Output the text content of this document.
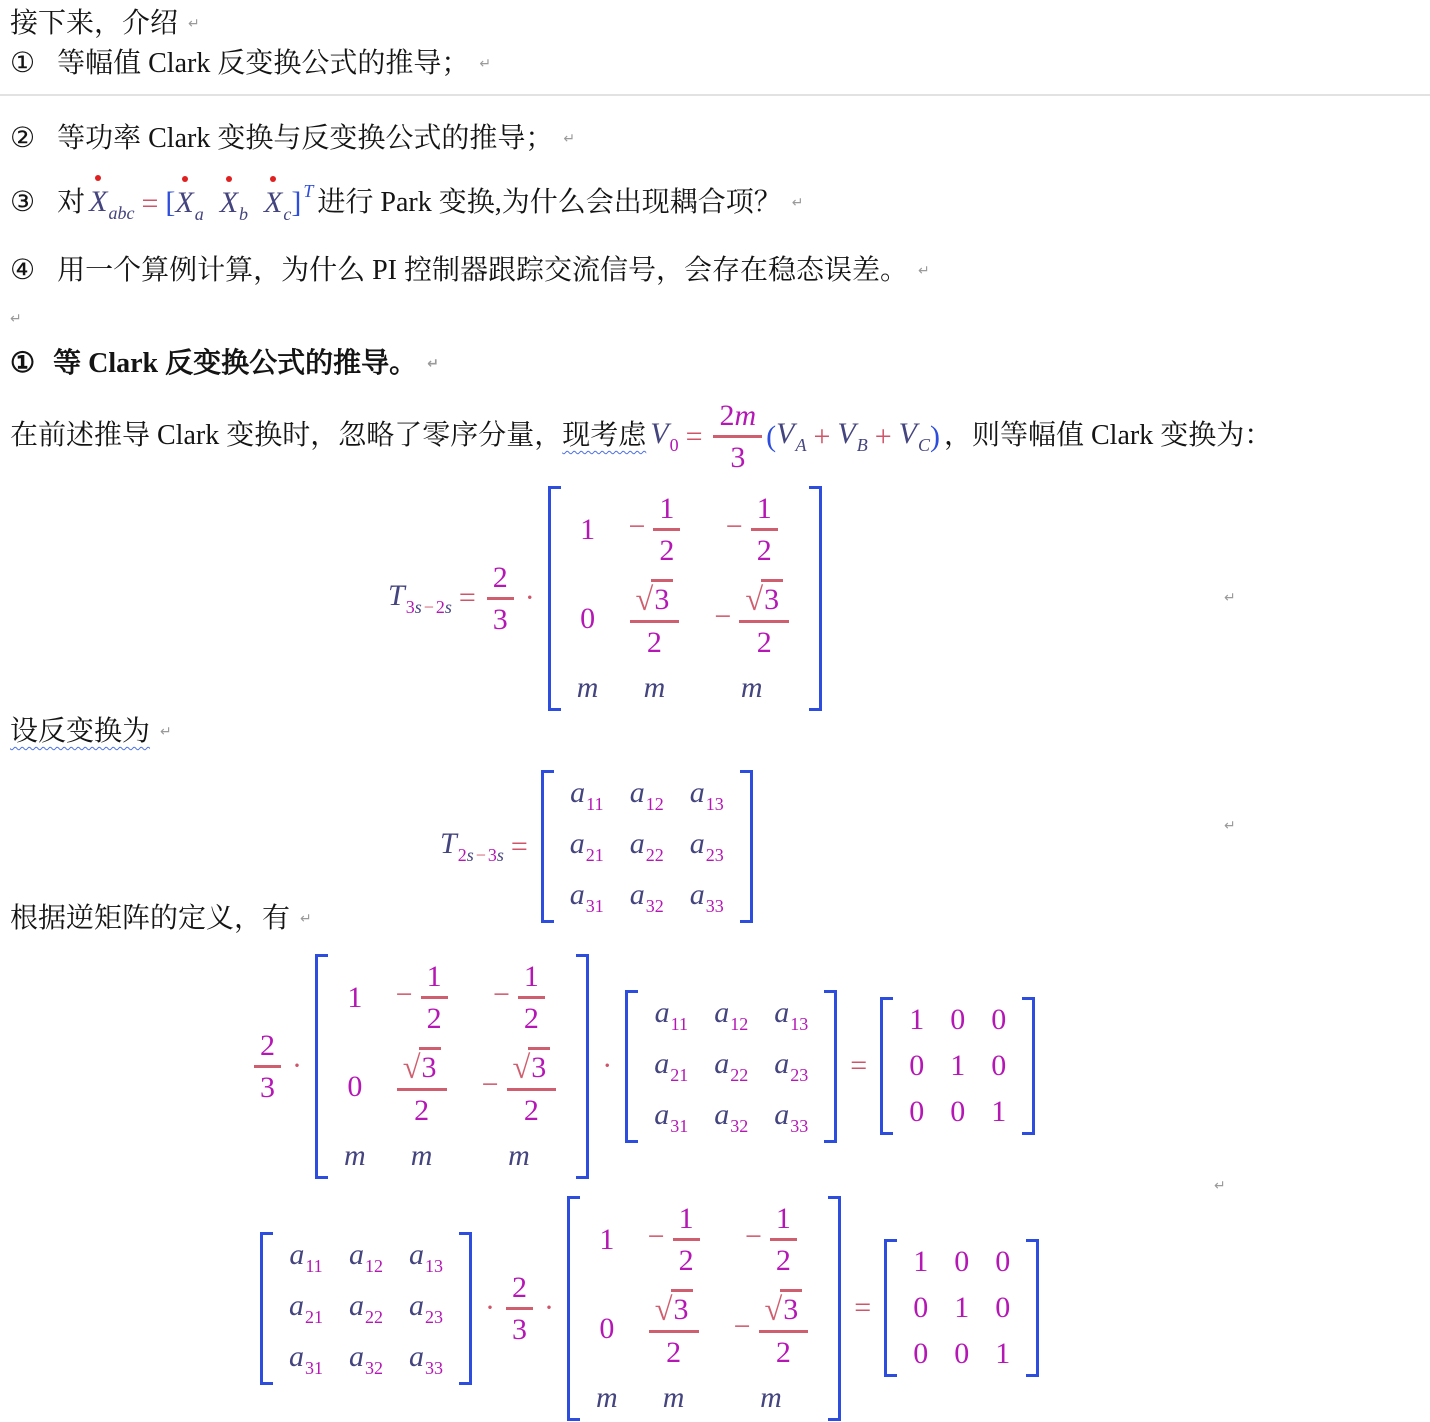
接下来，介绍 ↵
① 等幅值 Clark 反变换公式的推导； ↵
② 等功率 Clark 变换与反变换公式的推导； ↵
③ 对 $X_{abc}$ = [
$X_a$ $X_b$ $X_c$] $^T$ 进行 Park 变换,为什么会出现耦合项？ ↵
④ 用一个算例计算，为什么 PI 控制器跟踪交流信号，会存在稳态误差。 ↵
↵
① 等 Clark 反变换公式的推导。 ↵
在前述推导 Clark 变换时，忽略了零序分量， 现考虑 $V_0 = \frac{2m}{3}$ ( $V_A + V_B + V_C$ ) ，则等幅值 Clark 变换为：
$T_{3s - 2s} = \frac{2}{3}$ ·
1	− $\frac{1}{2}$	− $\frac{1}{2}$

0	$\frac{√ 3}{2}$	− $\frac{√ 3}{2}$

m	m	m
↵
设反变换为 ↵
$T_{2s - 3s}$ =
$a_{11}$	$a_{12}$	$a_{13}$
$a_{21}$	$a_{22}$	$a_{23}$
$a_{31}$	$a_{32}$	$a_{33}$
↵
根据逆矩阵的定义，有 ↵
$\frac{2}{3}$ ·
1	− $\frac{1}{2}$	− $\frac{1}{2}$

0	$\frac{√ 3}{2}$	− $\frac{√ 3}{2}$

m	m	m
·
$a_{11}$	$a_{12}$	$a_{13}$
$a_{21}$	$a_{22}$	$a_{23}$
$a_{31}$	$a_{32}$	$a_{33}$
=
1	0	0
0	1	0
0	0	1
↵
$a_{11}$	$a_{12}$	$a_{13}$
$a_{21}$	$a_{22}$	$a_{23}$
$a_{31}$	$a_{32}$	$a_{33}$
· $\frac{2}{3}$ ·
1	− $\frac{1}{2}$	− $\frac{1}{2}$

0	$\frac{√ 3}{2}$	− $\frac{√ 3}{2}$

m	m	m
=
1	0	0
0	1	0
0	0	1
